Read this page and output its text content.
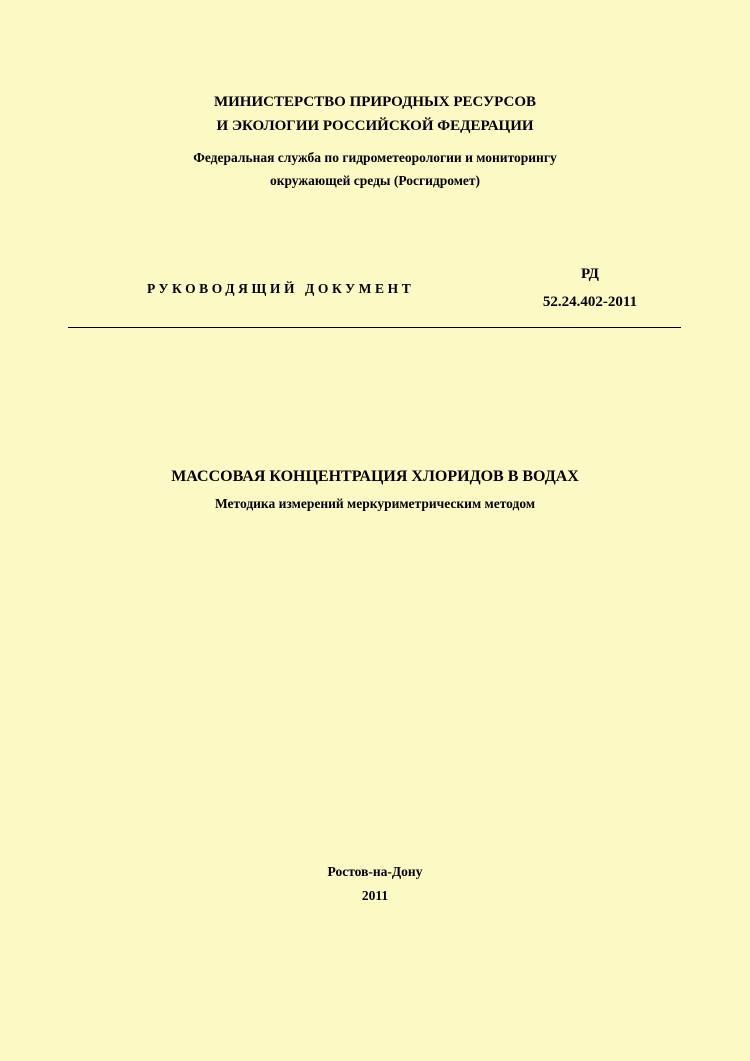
МИНИСТЕРСТВО ПРИРОДНЫХ РЕСУРСОВ
И ЭКОЛОГИИ РОССИЙСКОЙ ФЕДЕРАЦИИ
Федеральная служба по гидрометеорологии и мониторингу
окружающей среды (Росгидромет)
РУКОВОДЯЩИЙ ДОКУМЕНТ
РД
52.24.402-2011
МАССОВАЯ КОНЦЕНТРАЦИЯ ХЛОРИДОВ В ВОДАХ
Методика измерений меркуриметрическим методом
Ростов-на-Дону
2011
